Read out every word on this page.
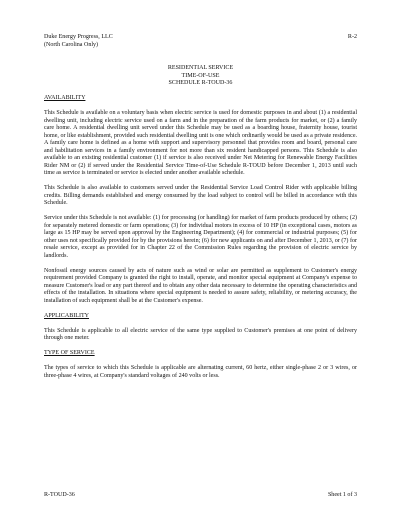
Duke Energy Progress, LLC
(North Carolina Only)
R-2
RESIDENTIAL SERVICE
TIME-OF-USE
SCHEDULE R-TOUD-36
AVAILABILITY

This Schedule is available on a voluntary basis when electric service is used for domestic purposes in and about (1) a residential dwelling unit, including electric service used on a farm and in the preparation of the farm products for market, or (2) a family care home. A residential dwelling unit served under this Schedule may be used as a boarding house, fraternity house, tourist home, or like establishment, provided such residential dwelling unit is one which ordinarily would be used as a private residence. A family care home is defined as a home with support and supervisory personnel that provides room and board, personal care and habilitation services in a family environment for not more than six resident handicapped persons. This Schedule is also available to an existing residential customer (1) if service is also received under Net Metering for Renewable Energy Facilities Rider NM or (2) if served under the Residential Service Time-of-Use Schedule R-TOUD before December 1, 2013 until such time as service is terminated or service is elected under another available schedule.

This Schedule is also available to customers served under the Residential Service Load Control Rider with applicable billing credits. Billing demands established and energy consumed by the load subject to control will be billed in accordance with this Schedule.

Service under this Schedule is not available: (1) for processing (or handling) for market of farm products produced by others; (2) for separately metered domestic or farm operations; (3) for individual motors in excess of 10 HP (in exceptional cases, motors as large as 15 HP may be served upon approval by the Engineering Department); (4) for commercial or industrial purposes; (5) for other uses not specifically provided for by the provisions herein; (6) for new applicants on and after December 1, 2013, or (7) for resale service, except as provided for in Chapter 22 of the Commission Rules regarding the provision of electric service by landlords.

Nonfossil energy sources caused by acts of nature such as wind or solar are permitted as supplement to Customer's energy requirement provided Company is granted the right to install, operate, and monitor special equipment at Company's expense to measure Customer's load or any part thereof and to obtain any other data necessary to determine the operating characteristics and effects of the installation. In situations where special equipment is needed to assure safety, reliability, or metering accuracy, the installation of such equipment shall be at the Customer's expense.

APPLICABILITY

This Schedule is applicable to all electric service of the same type supplied to Customer's premises at one point of delivery through one meter.

TYPE OF SERVICE

The types of service to which this Schedule is applicable are alternating current, 60 hertz, either single-phase 2 or 3 wires, or three-phase 4 wires, at Company's standard voltages of 240 volts or less.

R-TOUD-36	Sheet 1 of 3
